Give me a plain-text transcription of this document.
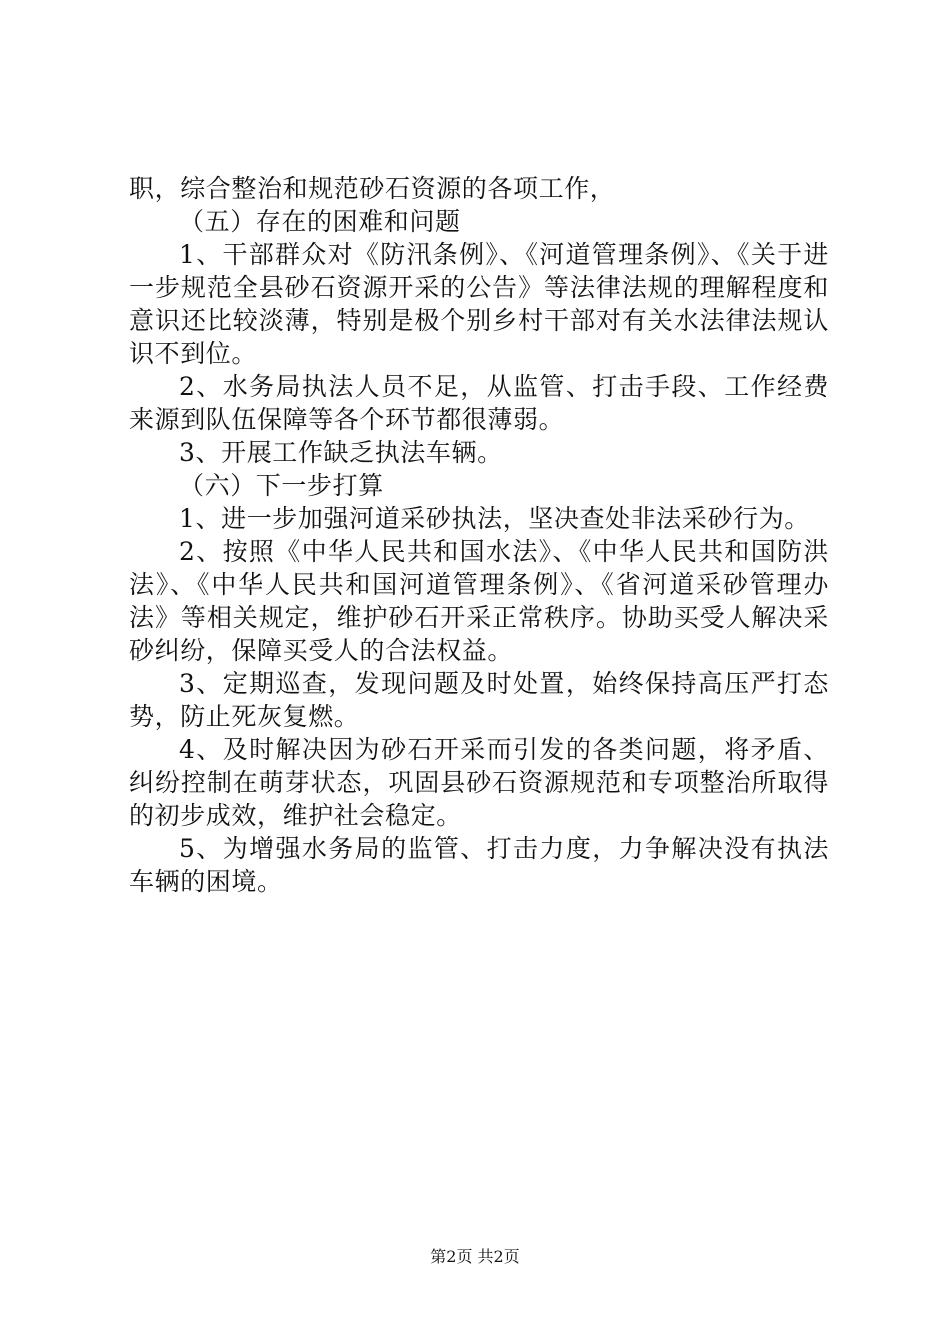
职，综合整治和规范砂石资源的各项工作，

（五）存在的困难和问题

1、干部群众对《防汛条例》、《河道管理条例》、《关于进一步规范全县砂石资源开采的公告》等法律法规的理解程度和意识还比较淡薄，特别是极个别乡村干部对有关水法律法规认识不到位。

2、水务局执法人员不足，从监管、打击手段、工作经费来源到队伍保障等各个环节都很薄弱。

3、开展工作缺乏执法车辆。

（六）下一步打算

1、进一步加强河道采砂执法，坚决查处非法采砂行为。

2、按照《中华人民共和国水法》、《中华人民共和国防洪法》、《中华人民共和国河道管理条例》、《省河道采砂管理办法》等相关规定，维护砂石开采正常秩序。协助买受人解决采砂纠纷，保障买受人的合法权益。

3、定期巡查，发现问题及时处置，始终保持高压严打态势，防止死灰复燃。

4、及时解决因为砂石开采而引发的各类问题，将矛盾、纠纷控制在萌芽状态，巩固县砂石资源规范和专项整治所取得的初步成效，维护社会稳定。

5、为增强水务局的监管、打击力度，力争解决没有执法车辆的困境。

第2页 共2页
